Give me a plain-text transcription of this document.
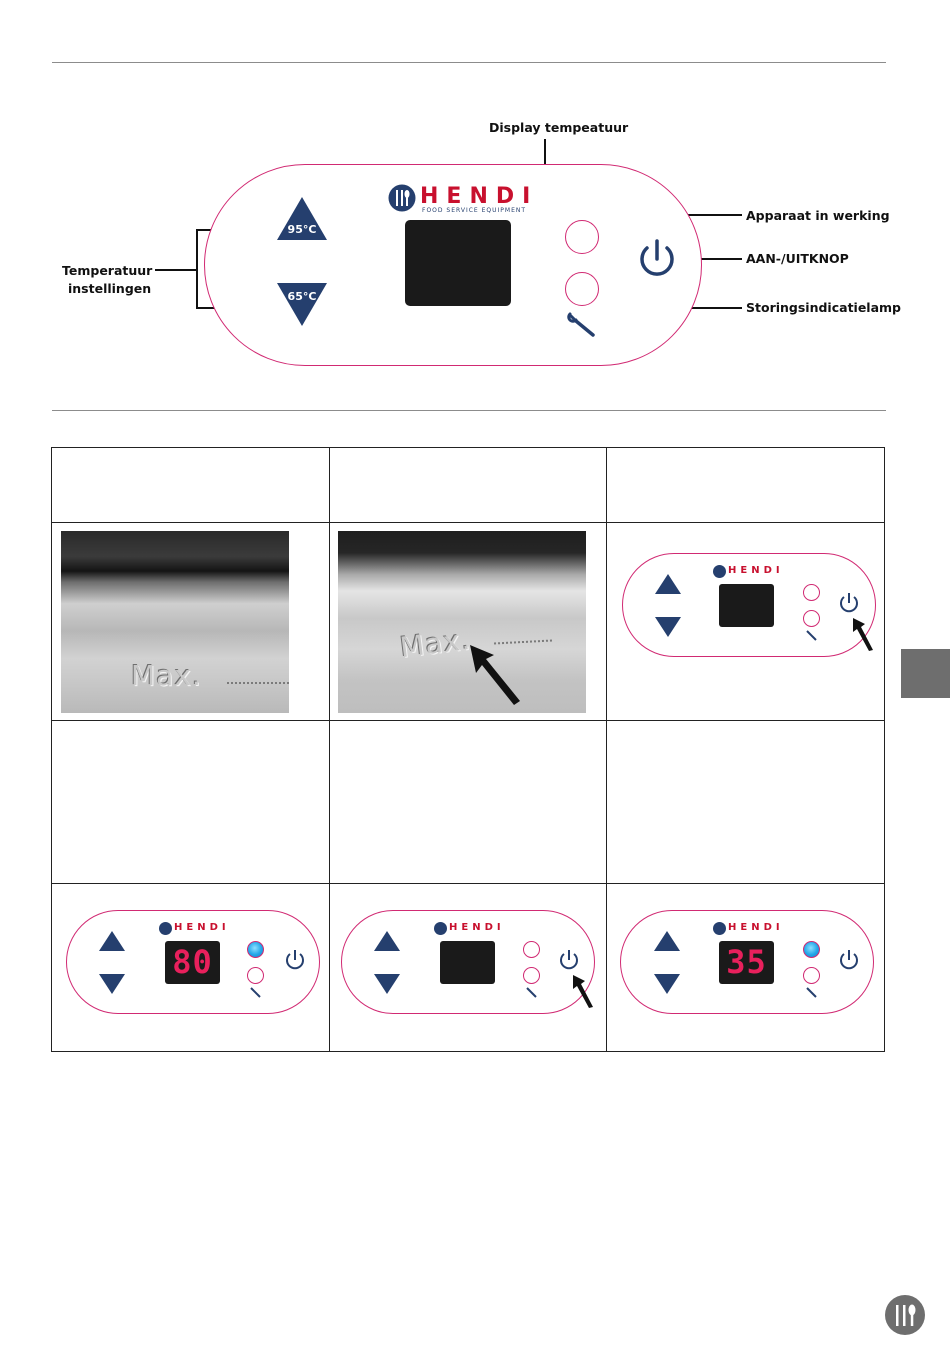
Display tempeatuur
Apparaat in werking
AAN-/UITKNOP
Storingsindicatielamp
Temperatuur
instellingen
HENDI
FOOD SERVICE EQUIPMENT
95°C
65°C
Max.
Max.
HENDI
80
HENDI	HENDI
35
HENDI
